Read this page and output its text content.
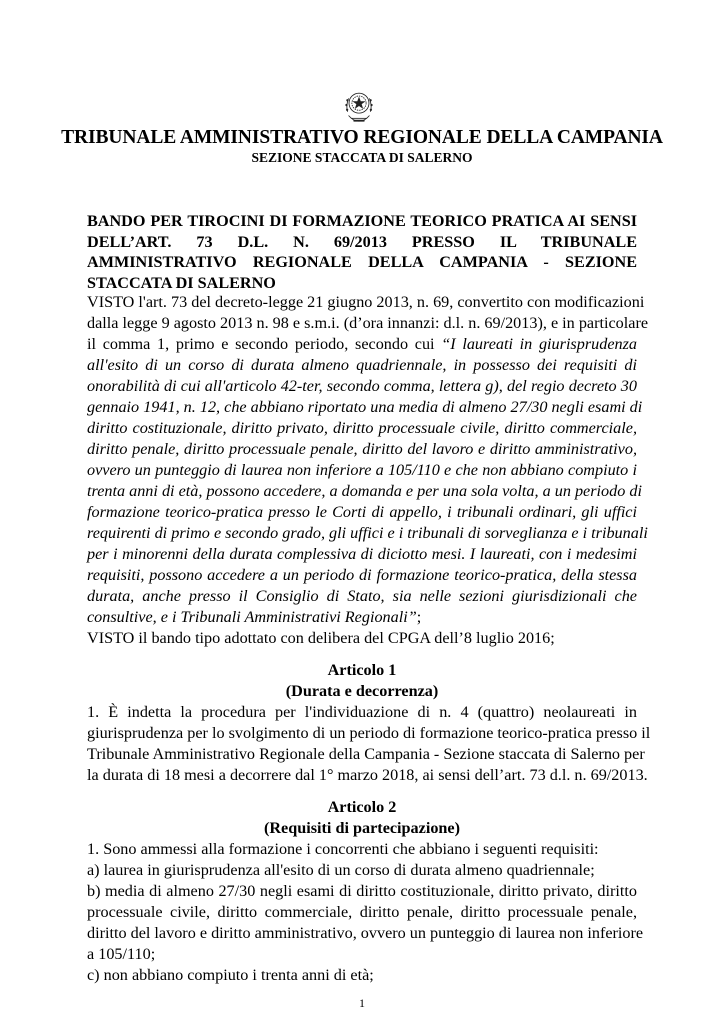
TRIBUNALE AMMINISTRATIVO REGIONALE DELLA CAMPANIA
SEZIONE STACCATA DI SALERNO
BANDO PER TIROCINI DI FORMAZIONE TEORICO PRATICA AI SENSI DELL’ART. 73 D.L. N. 69/2013 PRESSO IL TRIBUNALE AMMINISTRATIVO REGIONALE DELLA CAMPANIA - SEZIONE STACCATA DI SALERNO
VISTO l'art. 73 del decreto-legge 21 giugno 2013, n. 69, convertito con modificazioni
dalla legge 9 agosto 2013 n. 98 e s.m.i. (d’ora innanzi: d.l. n. 69/2013), e in particolare
il comma 1, primo e secondo periodo, secondo cui “I laureati in giurisprudenza
all'esito di un corso di durata almeno quadriennale, in possesso dei requisiti di
onorabilità di cui all'articolo 42-ter, secondo comma, lettera g), del regio decreto 30
gennaio 1941, n. 12, che abbiano riportato una media di almeno 27/30 negli esami di
diritto costituzionale, diritto privato, diritto processuale civile, diritto commerciale,
diritto penale, diritto processuale penale, diritto del lavoro e diritto amministrativo,
ovvero un punteggio di laurea non inferiore a 105/110 e che non abbiano compiuto i
trenta anni di età, possono accedere, a domanda e per una sola volta, a un periodo di
formazione teorico-pratica presso le Corti di appello, i tribunali ordinari, gli uffici
requirenti di primo e secondo grado, gli uffici e i tribunali di sorveglianza e i tribunali
per i minorenni della durata complessiva di diciotto mesi. I laureati, con i medesimi
requisiti, possono accedere a un periodo di formazione teorico-pratica, della stessa
durata, anche presso il Consiglio di Stato, sia nelle sezioni giurisdizionali che
consultive, e i Tribunali Amministrativi Regionali”;
VISTO il bando tipo adottato con delibera del CPGA dell’8 luglio 2016;
Articolo 1
(Durata e decorrenza)
1. È indetta la procedura per l'individuazione di n. 4 (quattro) neolaureati in
giurisprudenza per lo svolgimento di un periodo di formazione teorico-pratica presso il
Tribunale Amministrativo Regionale della Campania - Sezione staccata di Salerno per
la durata di 18 mesi a decorrere dal 1° marzo 2018, ai sensi dell’art. 73 d.l. n. 69/2013.
Articolo 2
(Requisiti di partecipazione)
1. Sono ammessi alla formazione i concorrenti che abbiano i seguenti requisiti:
a) laurea in giurisprudenza all'esito di un corso di durata almeno quadriennale;
b) media di almeno 27/30 negli esami di diritto costituzionale, diritto privato, diritto
processuale civile, diritto commerciale, diritto penale, diritto processuale penale,
diritto del lavoro e diritto amministrativo, ovvero un punteggio di laurea non inferiore
a 105/110;
c) non abbiano compiuto i trenta anni di età;
1
